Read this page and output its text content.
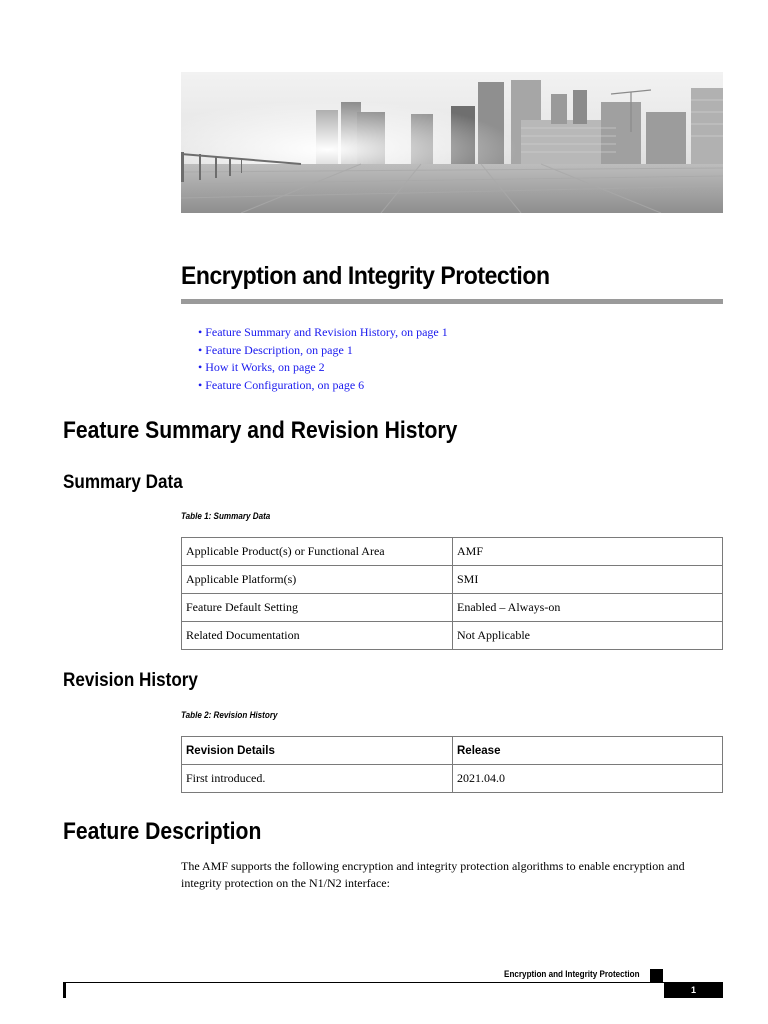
Encryption and Integrity Protection
• Feature Summary and Revision History, on page 1
• Feature Description, on page 1
• How it Works, on page 2
• Feature Configuration, on page 6
Feature Summary and Revision History
Summary Data

Table 1: Summary Data

Applicable Product(s) or Functional Area	AMF
Applicable Platform(s)	SMI
Feature Default Setting	Enabled – Always-on
Related Documentation	Not Applicable
Revision History

Table 2: Revision History

Revision Details	Release
First introduced.	2021.04.0
Feature Description

The AMF supports the following encryption and integrity protection algorithms to enable encryption and integrity protection on the N1/N2 interface:

Encryption and Integrity Protection

1
